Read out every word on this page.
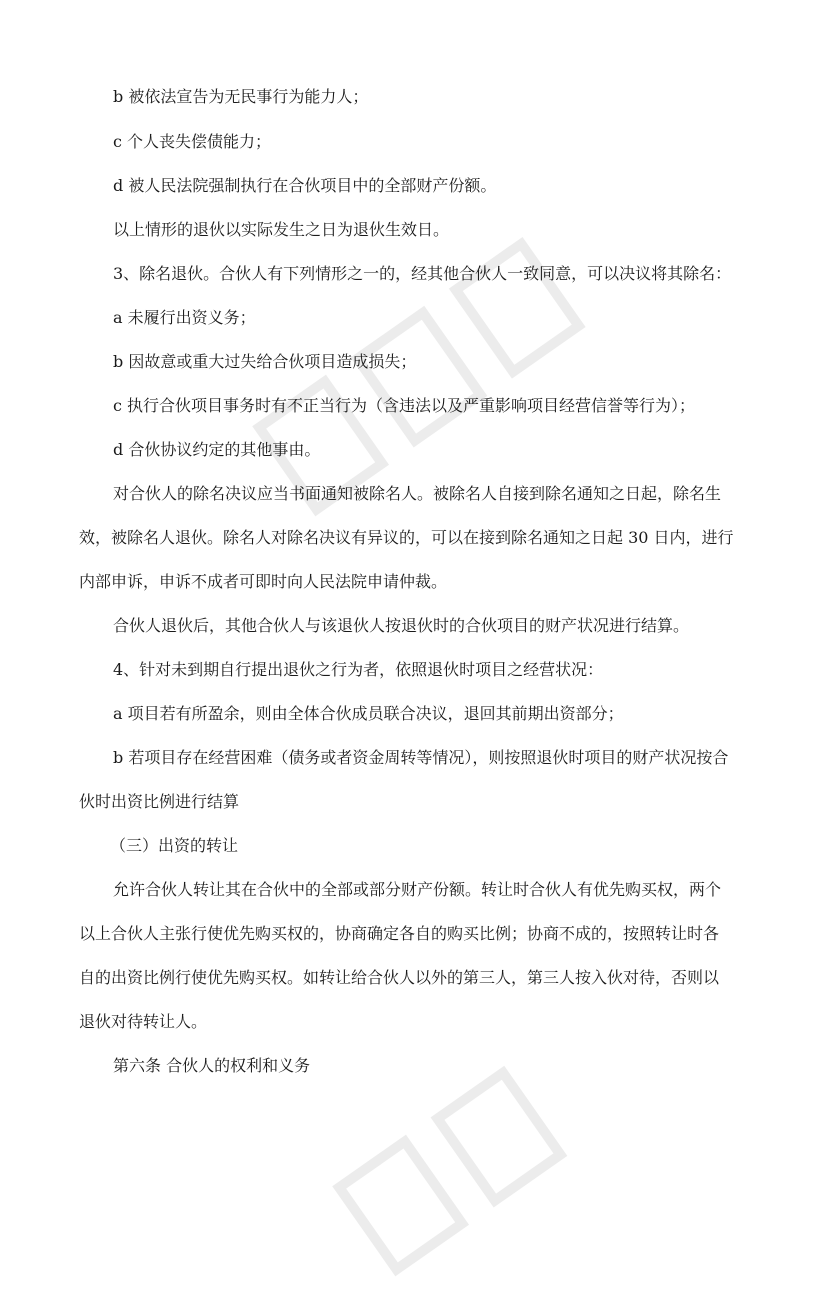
b 被依法宣告为无民事行为能力人；
c 个人丧失偿债能力；
d 被人民法院强制执行在合伙项目中的全部财产份额。
以上情形的退伙以实际发生之日为退伙生效日。
3、除名退伙。合伙人有下列情形之一的，经其他合伙人一致同意，可以决议将其除名：
a 未履行出资义务；
b 因故意或重大过失给合伙项目造成损失；
c 执行合伙项目事务时有不正当行为（含违法以及严重影响项目经营信誉等行为）；
d 合伙协议约定的其他事由。
对合伙人的除名决议应当书面通知被除名人。被除名人自接到除名通知之日起，除名生
效，被除名人退伙。除名人对除名决议有异议的，可以在接到除名通知之日起 30 日内，进行
内部申诉，申诉不成者可即时向人民法院申请仲裁。
合伙人退伙后，其他合伙人与该退伙人按退伙时的合伙项目的财产状况进行结算。
4、针对未到期自行提出退伙之行为者，依照退伙时项目之经营状况：
a 项目若有所盈余，则由全体合伙成员联合决议，退回其前期出资部分；
b 若项目存在经营困难（债务或者资金周转等情况），则按照退伙时项目的财产状况按合
伙时出资比例进行结算
（三）出资的转让
允许合伙人转让其在合伙中的全部或部分财产份额。转让时合伙人有优先购买权，两个
以上合伙人主张行使优先购买权的，协商确定各自的购买比例；协商不成的，按照转让时各
自的出资比例行使优先购买权。如转让给合伙人以外的第三人，第三人按入伙对待，否则以
退伙对待转让人。
第六条 合伙人的权利和义务
